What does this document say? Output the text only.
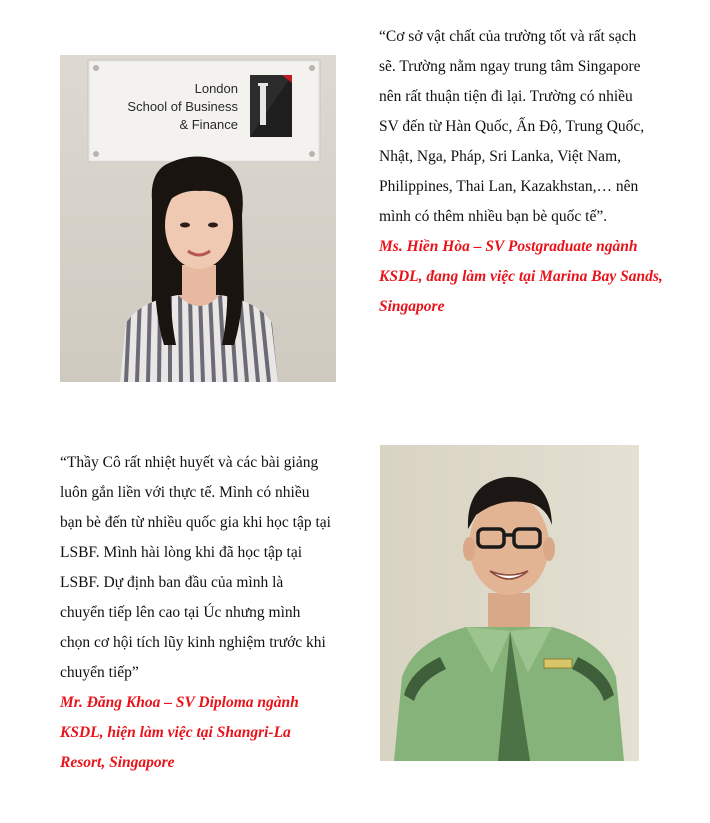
London
School of Business
& Finance
“Cơ sở vật chất của trường tốt và rất sạch
sẽ. Trường nằm ngay trung tâm Singapore
nên rất thuận tiện đi lại. Trường có nhiều
SV đến từ Hàn Quốc, Ấn Độ, Trung Quốc,
Nhật, Nga, Pháp, Sri Lanka, Việt Nam,
Philippines, Thai Lan, Kazakhstan,… nên
mình có thêm nhiều bạn bè quốc tế”.
Ms. Hiền Hòa – SV Postgraduate ngành
KSDL, đang làm việc tại Marina Bay Sands,
Singapore
“Thầy Cô rất nhiệt huyết và các bài giảng
luôn gắn liền với thực tế. Mình có nhiều
bạn bè đến từ nhiều quốc gia khi học tập tại
LSBF. Mình hài lòng khi đã học tập tại
LSBF. Dự định ban đầu của mình là
chuyển tiếp lên cao tại Úc nhưng mình
chọn cơ hội tích lũy kinh nghiệm trước khi
chuyển tiếp”
Mr. Đăng Khoa – SV Diploma ngành
KSDL, hiện làm việc tại Shangri-La
Resort, Singapore
